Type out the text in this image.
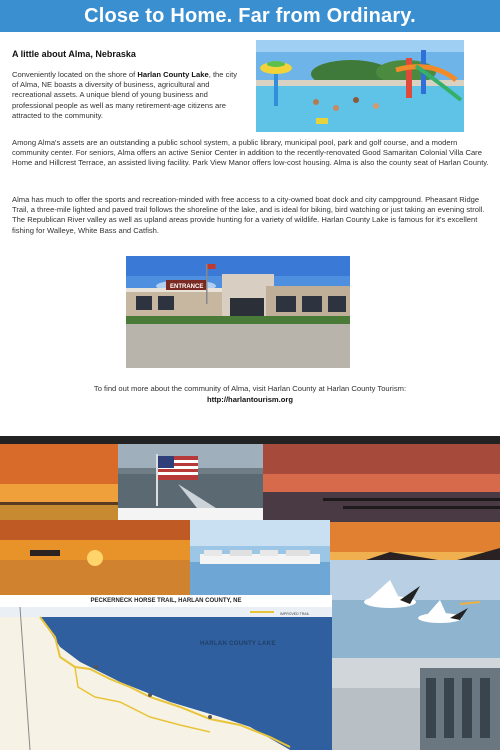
Close to Home. Far from Ordinary.
A little about Alma, Nebraska
Conveniently located on the shore of Harlan County Lake, the city of Alma, NE boasts a diversity of business, agricultural and recreational assets. A unique blend of young business and professional people as well as many retirement-age citizens are attracted to the community.
Among Alma's assets are an outstanding a public school system, a public library, municipal pool, park and golf course, and a modern community center. For seniors, Alma offers an active Senior Center in addition to the recently-renovated Good Samaritan Colonial Villa Care Home and Hillcrest Terrace, an assisted living facility. Park View Manor offers low-cost housing. Alma is also the county seat of Harlan County.
Alma has much to offer the sports and recreation-minded with free access to a city-owned boat dock and city campground. Pheasant Ridge Trail, a three-mile lighted and paved trail follows the shoreline of the lake, and is ideal for biking, bird watching or just taking an evening stroll. The Republican River valley as well as upland areas provide hunting for a variety of wildlife. Harlan County Lake is famous for it's excellent fishing for Walleye, White Bass and Catfish.
ENTRANCE
To find out more about the community of Alma, visit Harlan County at Harlan County Tourism:
http://harlantourism.org
PECKERNECK HORSE TRAIL, HARLAN COUNTY, NE
HARLAN COUNTY LAKE
IMPROVED TRAIL
